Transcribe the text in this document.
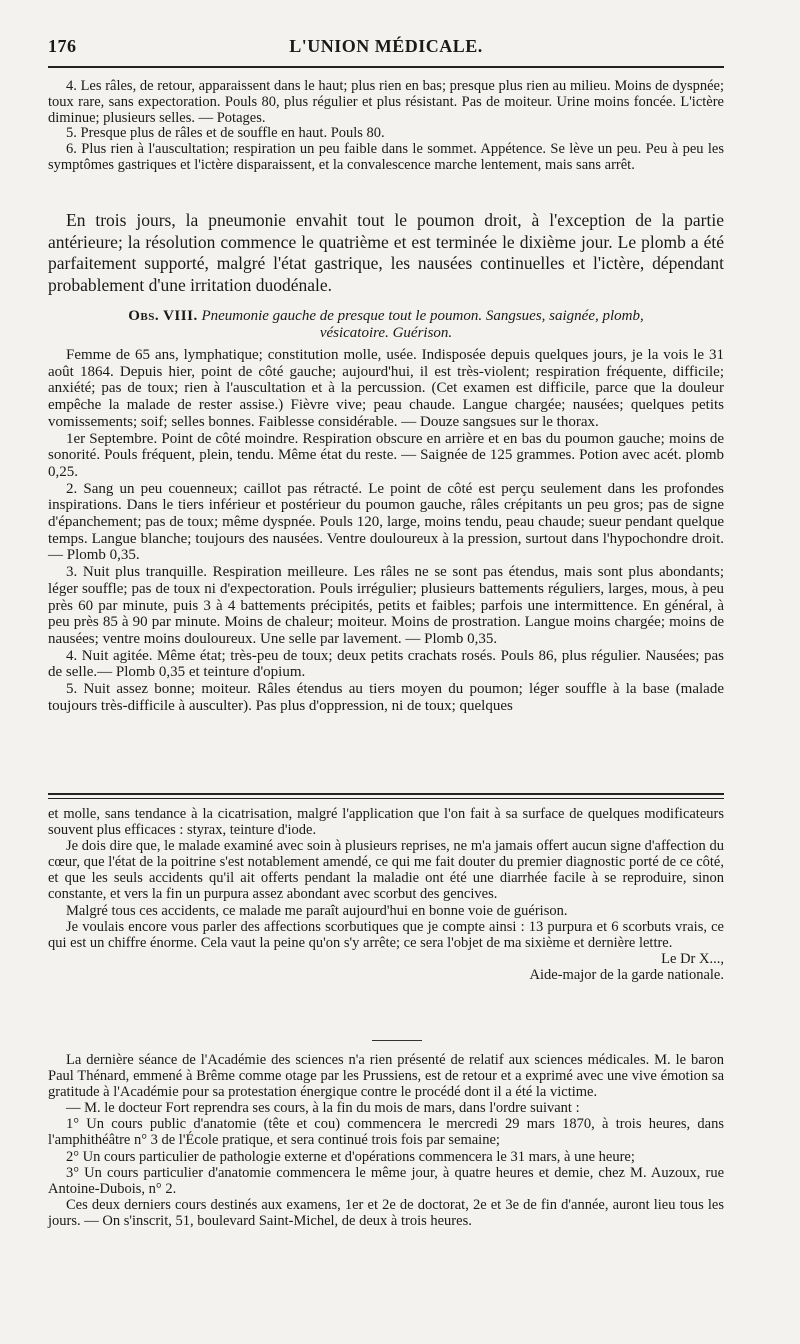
176	L'UNION MÉDICALE.

4. Les râles, de retour, apparaissent dans le haut; plus rien en bas; presque plus rien au milieu. Moins de dyspnée; toux rare, sans expectoration. Pouls 80, plus régulier et plus résistant. Pas de moiteur. Urine moins foncée. L'ictère diminue; plusieurs selles. — Potages.

5. Presque plus de râles et de souffle en haut. Pouls 80.

6. Plus rien à l'auscultation; respiration un peu faible dans le sommet. Appétence. Se lève un peu. Peu à peu les symptômes gastriques et l'ictère disparaissent, et la convalescence marche lentement, mais sans arrêt.

En trois jours, la pneumonie envahit tout le poumon droit, à l'exception de la partie antérieure; la résolution commence le quatrième et est terminée le dixième jour. Le plomb a été parfaitement supporté, malgré l'état gastrique, les nausées continuelles et l'ictère, dépendant probablement d'une irritation duodénale.

Obs. VIII. Pneumonie gauche de presque tout le poumon. Sangsues, saignée, plomb,
vésicatoire. Guérison.

Femme de 65 ans, lymphatique; constitution molle, usée. Indisposée depuis quelques jours, je la vois le 31 août 1864. Depuis hier, point de côté gauche; aujourd'hui, il est très-violent; respiration fréquente, difficile; anxiété; pas de toux; rien à l'auscultation et à la percussion. (Cet examen est difficile, parce que la douleur empêche la malade de rester assise.) Fièvre vive; peau chaude. Langue chargée; nausées; quelques petits vomissements; soif; selles bonnes. Faiblesse considérable. — Douze sangsues sur le thorax.

1er Septembre. Point de côté moindre. Respiration obscure en arrière et en bas du poumon gauche; moins de sonorité. Pouls fréquent, plein, tendu. Même état du reste. — Saignée de 125 grammes. Potion avec acét. plomb 0,25.

2. Sang un peu couenneux; caillot pas rétracté. Le point de côté est perçu seulement dans les profondes inspirations. Dans le tiers inférieur et postérieur du poumon gauche, râles crépitants un peu gros; pas de signe d'épanchement; pas de toux; même dyspnée. Pouls 120, large, moins tendu, peau chaude; sueur pendant quelque temps. Langue blanche; toujours des nausées. Ventre douloureux à la pression, surtout dans l'hypochondre droit. — Plomb 0,35.

3. Nuit plus tranquille. Respiration meilleure. Les râles ne se sont pas étendus, mais sont plus abondants; léger souffle; pas de toux ni d'expectoration. Pouls irrégulier; plusieurs battements réguliers, larges, mous, à peu près 60 par minute, puis 3 à 4 battements précipités, petits et faibles; parfois une intermittence. En général, à peu près 85 à 90 par minute. Moins de chaleur; moiteur. Moins de prostration. Langue moins chargée; moins de nausées; ventre moins douloureux. Une selle par lavement. — Plomb 0,35.

4. Nuit agitée. Même état; très-peu de toux; deux petits crachats rosés. Pouls 86, plus régulier. Nausées; pas de selle.— Plomb 0,35 et teinture d'opium.

5. Nuit assez bonne; moiteur. Râles étendus au tiers moyen du poumon; léger souffle à la base (malade toujours très-difficile à ausculter). Pas plus d'oppression, ni de toux; quelques

et molle, sans tendance à la cicatrisation, malgré l'application que l'on fait à sa surface de quelques modificateurs souvent plus efficaces : styrax, teinture d'iode.

Je dois dire que, le malade examiné avec soin à plusieurs reprises, ne m'a jamais offert aucun signe d'affection du cœur, que l'état de la poitrine s'est notablement amendé, ce qui me fait douter du premier diagnostic porté de ce côté, et que les seuls accidents qu'il ait offerts pendant la maladie ont été une diarrhée facile à se reproduire, sinon constante, et vers la fin un purpura assez abondant avec scorbut des gencives.

Malgré tous ces accidents, ce malade me paraît aujourd'hui en bonne voie de guérison.

Je voulais encore vous parler des affections scorbutiques que je compte ainsi : 13 purpura et 6 scorbuts vrais, ce qui est un chiffre énorme. Cela vaut la peine qu'on s'y arrête; ce sera l'objet de ma sixième et dernière lettre.

Le Dr X...,

Aide-major de la garde nationale.

La dernière séance de l'Académie des sciences n'a rien présenté de relatif aux sciences médicales. M. le baron Paul Thénard, emmené à Brême comme otage par les Prussiens, est de retour et a exprimé avec une vive émotion sa gratitude à l'Académie pour sa protestation énergique contre le procédé dont il a été la victime.

— M. le docteur Fort reprendra ses cours, à la fin du mois de mars, dans l'ordre suivant :

1° Un cours public d'anatomie (tête et cou) commencera le mercredi 29 mars 1870, à trois heures, dans l'amphithéâtre n° 3 de l'École pratique, et sera continué trois fois par semaine;

2° Un cours particulier de pathologie externe et d'opérations commencera le 31 mars, à une heure;

3° Un cours particulier d'anatomie commencera le même jour, à quatre heures et demie, chez M. Auzoux, rue Antoine-Dubois, n° 2.

Ces deux derniers cours destinés aux examens, 1er et 2e de doctorat, 2e et 3e de fin d'année, auront lieu tous les jours. — On s'inscrit, 51, boulevard Saint-Michel, de deux à trois heures.
